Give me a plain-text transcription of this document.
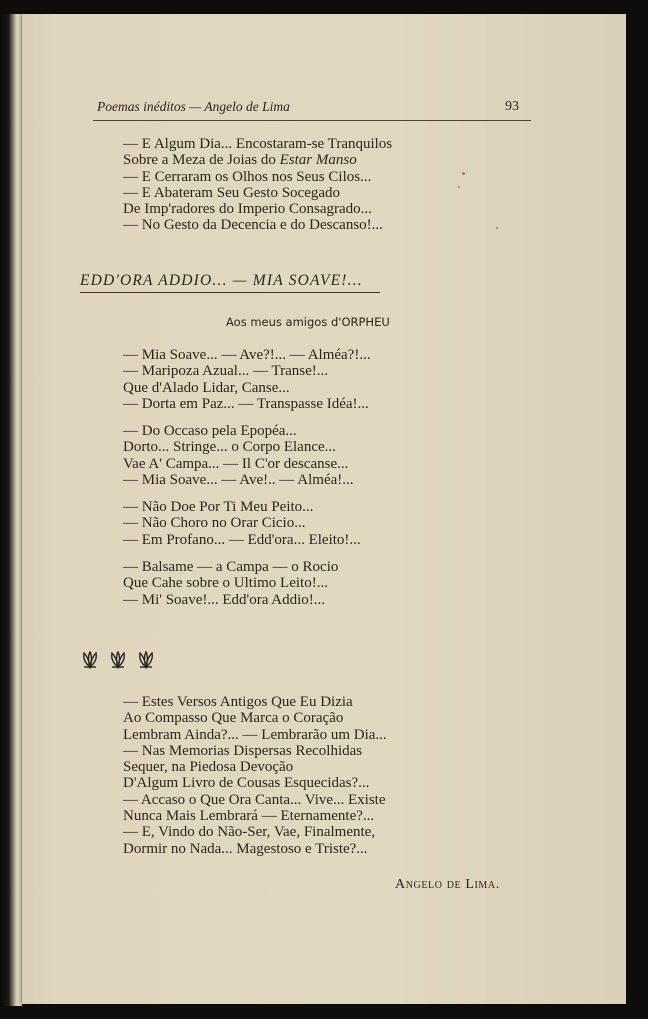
Poemas inéditos — Angelo de Lima	93
— E Algum Dia... Encostaram-se Tranquilos
Sobre a Meza de Joias do Estar Manso
— E Cerraram os Olhos nos Seus Cilos...
— E Abateram Seu Gesto Socegado
De Imp'radores do Imperio Consagrado...
— No Gesto da Decencia e do Descanso!...
EDD'ORA ADDIO... — MIA SOAVE!...
Aos meus amigos d'ORPHEU
— Mia Soave... — Ave?!... — Alméa?!...
— Maripoza Azual... — Transe!...
Que d'Alado Lidar, Canse...
— Dorta em Paz... — Transpasse Idéa!...
— Do Occaso pela Epopéa...
Dorto... Stringe... o Corpo Elance...
Vae A' Campa... — Il C'or descanse...
— Mia Soave... — Ave!.. — Alméa!...
— Não Doe Por Ti Meu Peito...
— Não Choro no Orar Cicio...
— Em Profano... — Edd'ora... Eleito!...
— Balsame — a Campa — o Rocio
Que Cahe sobre o Ultimo Leito!...
— Mi' Soave!... Edd'ora Addio!...
— Estes Versos Antigos Que Eu Dizia
Ao Compasso Que Marca o Coração
Lembram Ainda?... — Lembrarão um Dia...
— Nas Memorias Dispersas Recolhidas
Sequer, na Piedosa Devoção
D'Algum Livro de Cousas Esquecidas?...
— Accaso o Que Ora Canta... Vive... Existe
Nunca Mais Lembrará — Eternamente?...
— E, Vindo do Não-Ser, Vae, Finalmente,
Dormir no Nada... Magestoso e Triste?...
Angelo de Lima.
